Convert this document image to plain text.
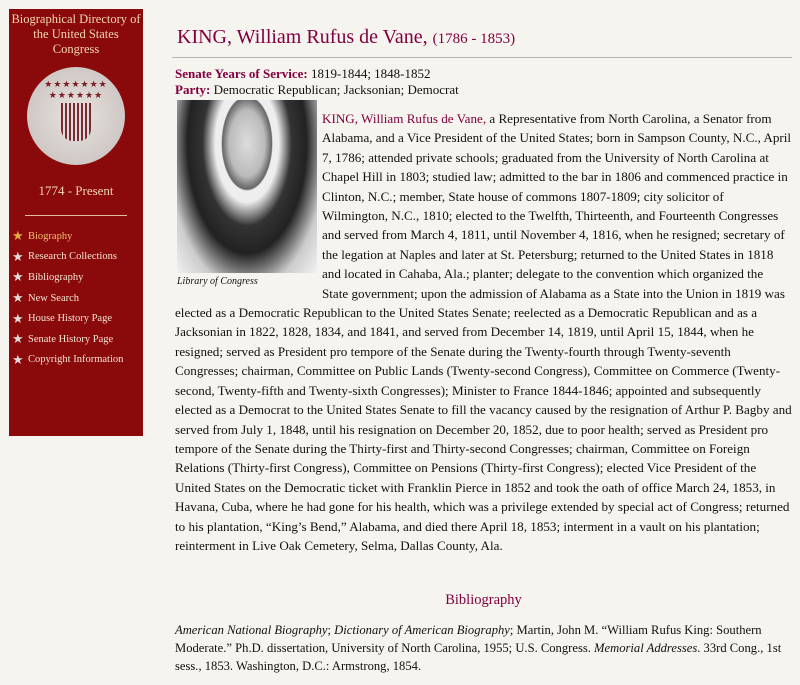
Biographical Directory of the United States Congress
★★★★★★★
★★★★★★
1774 - Present
★ Biography
★ Research Collections
★ Bibliography
★ New Search
★ House History Page
★ Senate History Page
★ Copyright Information
KING, William Rufus de Vane, (1786 - 1853)
Senate Years of Service: 1819-1844; 1848-1852
Party: Democratic Republican; Jacksonian; Democrat
Library of Congress
KING, William Rufus de Vane, a Representative from North Carolina, a Senator from Alabama, and a Vice President of the United States; born in Sampson County, N.C., April 7, 1786; attended private schools; graduated from the University of North Carolina at Chapel Hill in 1803; studied law; admitted to the bar in 1806 and commenced practice in Clinton, N.C.; member, State house of commons 1807-1809; city solicitor of Wilmington, N.C., 1810; elected to the Twelfth, Thirteenth, and Fourteenth Congresses and served from March 4, 1811, until November 4, 1816, when he resigned; secretary of the legation at Naples and later at St. Petersburg; returned to the United States in 1818 and located in Cahaba, Ala.; planter; delegate to the convention which organized the State government; upon the admission of Alabama as a State into the Union in 1819 was elected as a Democratic Republican to the United States Senate; reelected as a Democratic Republican and as a Jacksonian in 1822, 1828, 1834, and 1841, and served from December 14, 1819, until April 15, 1844, when he resigned; served as President pro tempore of the Senate during the Twenty-fourth through Twenty-seventh Congresses; chairman, Committee on Public Lands (Twenty-second Congress), Committee on Commerce (Twenty-second, Twenty-fifth and Twenty-sixth Congresses); Minister to France 1844-1846; appointed and subsequently elected as a Democrat to the United States Senate to fill the vacancy caused by the resignation of Arthur P. Bagby and served from July 1, 1848, until his resignation on December 20, 1852, due to poor health; served as President pro tempore of the Senate during the Thirty-first and Thirty-second Congresses; chairman, Committee on Foreign Relations (Thirty-first Congress), Committee on Pensions (Thirty-first Congress); elected Vice President of the United States on the Democratic ticket with Franklin Pierce in 1852 and took the oath of office March 24, 1853, in Havana, Cuba, where he had gone for his health, which was a privilege extended by special act of Congress; returned to his plantation, “King’s Bend,” Alabama, and died there April 18, 1853; interment in a vault on his plantation; reinterment in Live Oak Cemetery, Selma, Dallas County, Ala.
Bibliography
American National Biography; Dictionary of American Biography; Martin, John M. “William Rufus King: Southern Moderate.” Ph.D. dissertation, University of North Carolina, 1955; U.S. Congress. Memorial Addresses. 33rd Cong., 1st sess., 1853. Washington, D.C.: Armstrong, 1854.
